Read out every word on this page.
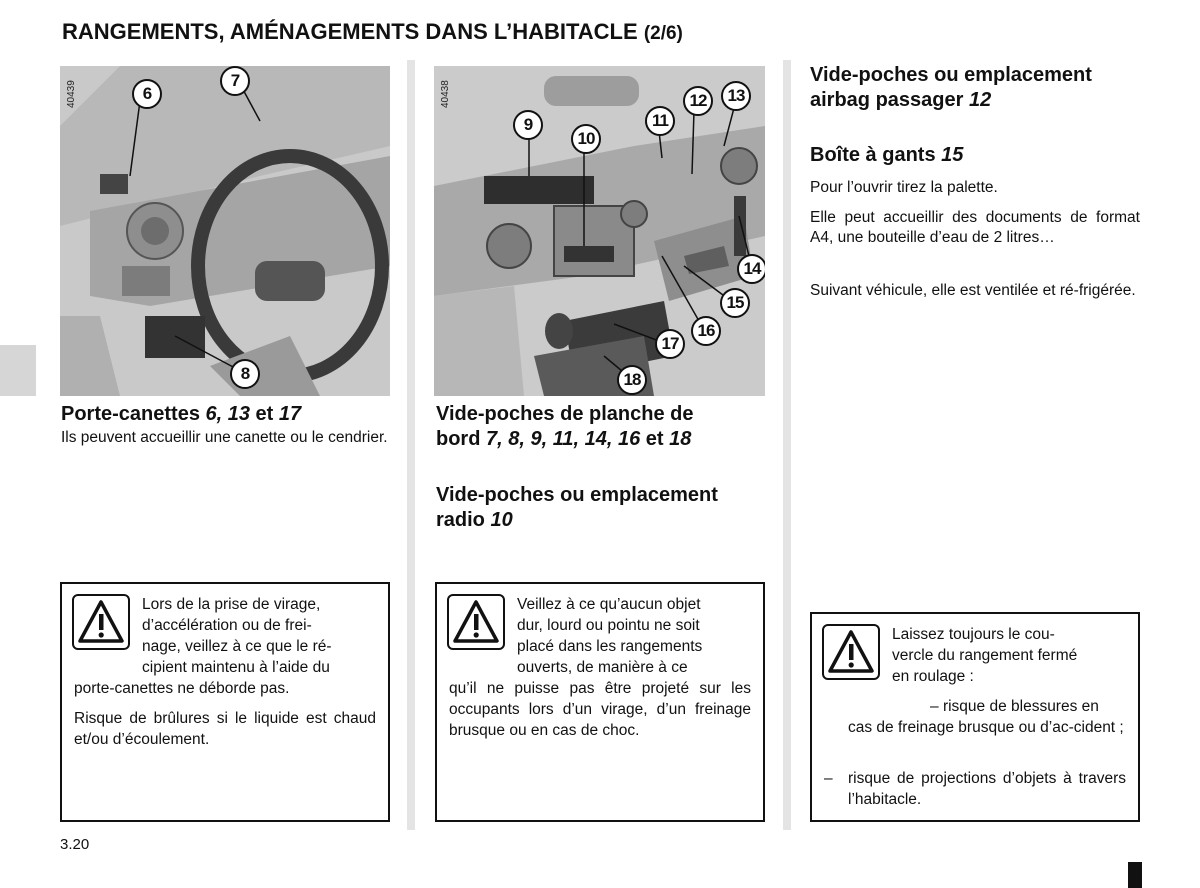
RANGEMENTS, AMÉNAGEMENTS DANS L’HABITACLE (2/6)
40439	6
7
8
40438
9
10
11
12	13
14
15
16
17
18
Porte-canettes 6, 13 et 17
Ils peuvent accueillir une canette ou le cendrier.
Lors de la prise de virage,
d’accélération ou de frei-
nage, veillez à ce que le ré-
cipient maintenu à l’aide du
porte-canettes ne déborde pas.
Risque de brûlures si le liquide est chaud et/ou d’écoulement.
Vide-poches de planche de
bord 7, 8, 9, 11, 14, 16 et 18
Vide-poches ou emplacement
radio 10
Veillez à ce qu’aucun objet
dur, lourd ou pointu ne soit
placé dans les rangements
ouverts, de manière à ce
qu’il ne puisse pas être projeté sur les occupants lors d’un virage, d’un freinage brusque ou en cas de choc.
Vide-poches ou emplacement
airbag passager 12
Boîte à gants 15
Pour l’ouvrir tirez la palette.
Elle peut accueillir des documents de format A4, une bouteille d’eau de 2 litres…
Suivant véhicule, elle est ventilée et ré-frigérée.
Laissez toujours le cou-
vercle du rangement fermé
en roulage :
– risque de blessures en
cas de freinage brusque ou d’ac-cident ;
– risque de projections d’objets à travers l’habitacle.
3.20
